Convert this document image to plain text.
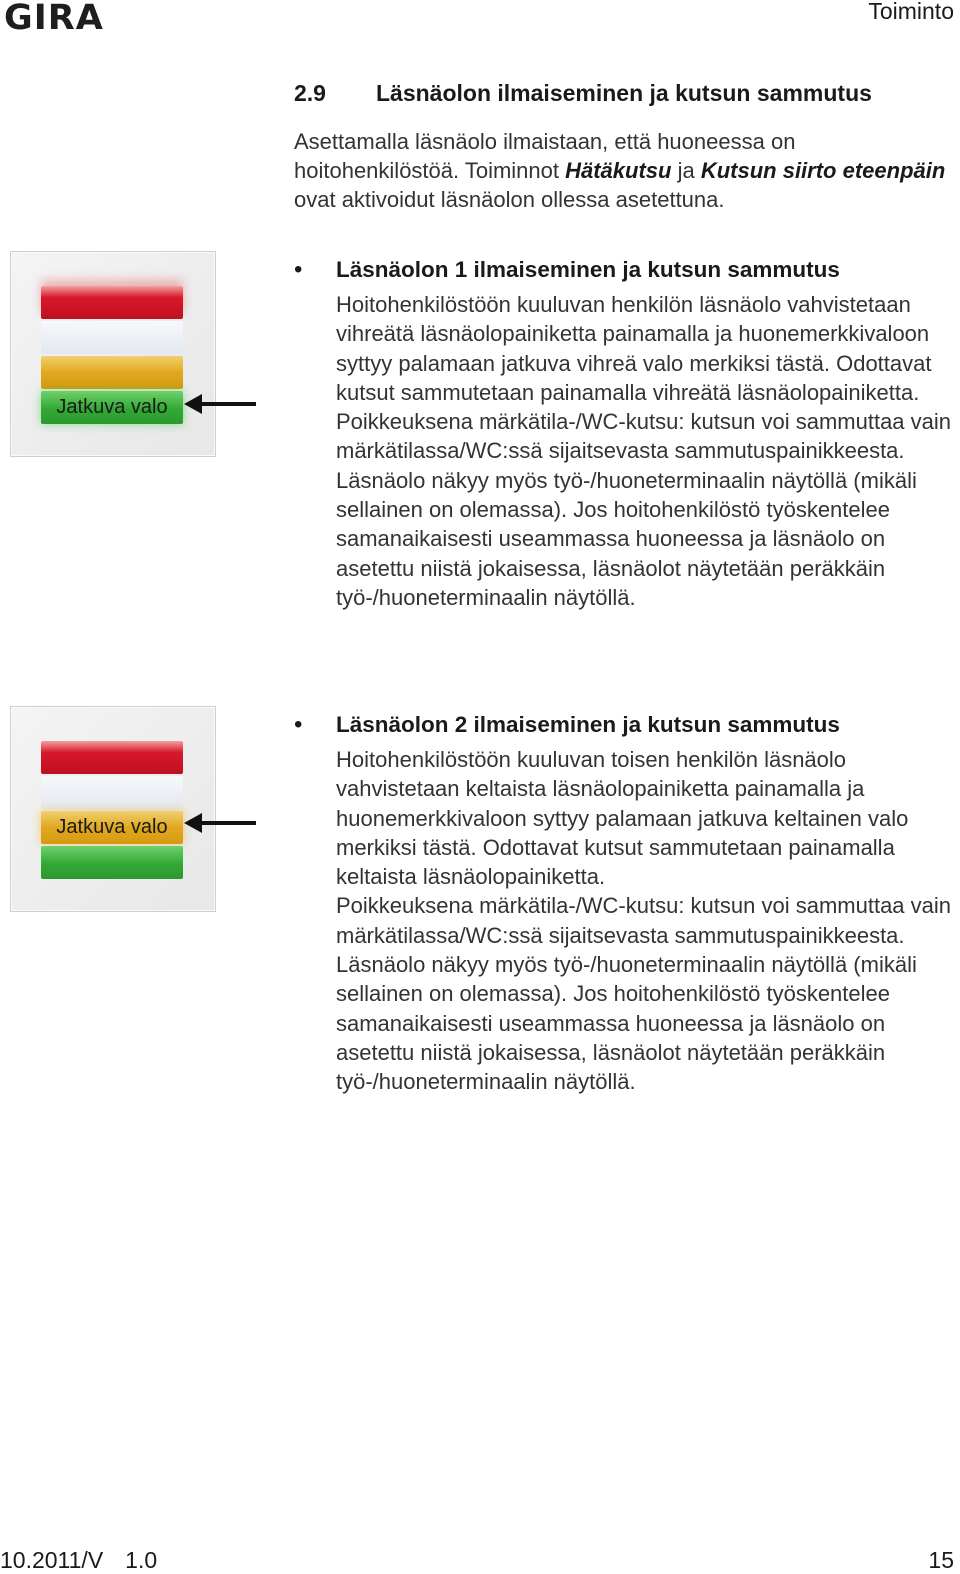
GIRA	Toiminto
2.9 Läsnäolon ilmaiseminen ja kutsun sammutus
Asettamalla läsnäolo ilmaistaan, että huoneessa on hoitohenkilöstöä. Toiminnot Hätäkutsu ja Kutsun siirto eteenpäin ovat aktivoidut läsnäolon ollessa asetettuna.
Jatkuva valo
• Läsnäolon 1 ilmaiseminen ja kutsun sammutus

Hoitohenkilöstöön kuuluvan henkilön läsnäolo vahvistetaan vihreätä läsnäolopainiketta painamalla ja huonemerkkivaloon syttyy palamaan jatkuva vihreä valo merkiksi tästä. Odottavat kutsut sammutetaan painamalla vihreätä läsnäolopainiketta.

Poikkeuksena märkätila-/WC-kutsu: kutsun voi sammuttaa vain märkätilassa/WC:ssä sijaitsevasta sammutuspainikkeesta.

Läsnäolo näkyy myös työ-/huoneterminaalin näytöllä (mikäli sellainen on olemassa). Jos hoitohenkilöstö työskentelee samanaikaisesti useammassa huoneessa ja läsnäolo on asetettu niistä jokaisessa, läsnäolot näytetään peräkkäin työ-/huoneterminaalin näytöllä.

Jatkuva valo
• Läsnäolon 2 ilmaiseminen ja kutsun sammutus

Hoitohenkilöstöön kuuluvan toisen henkilön läsnäolo vahvistetaan keltaista läsnäolopainiketta painamalla ja huonemerkkivaloon syttyy palamaan jatkuva keltainen valo merkiksi tästä. Odottavat kutsut sammutetaan painamalla keltaista läsnäolopainiketta.

Poikkeuksena märkätila-/WC-kutsu: kutsun voi sammuttaa vain märkätilassa/WC:ssä sijaitsevasta sammutuspainikkeesta.

Läsnäolo näkyy myös työ-/huoneterminaalin näytöllä (mikäli sellainen on olemassa). Jos hoitohenkilöstö työskentelee samanaikaisesti useammassa huoneessa ja läsnäolo on asetettu niistä jokaisessa, läsnäolot näytetään peräkkäin työ-/huoneterminaalin näytöllä.

10.2011/V 1.0	15
